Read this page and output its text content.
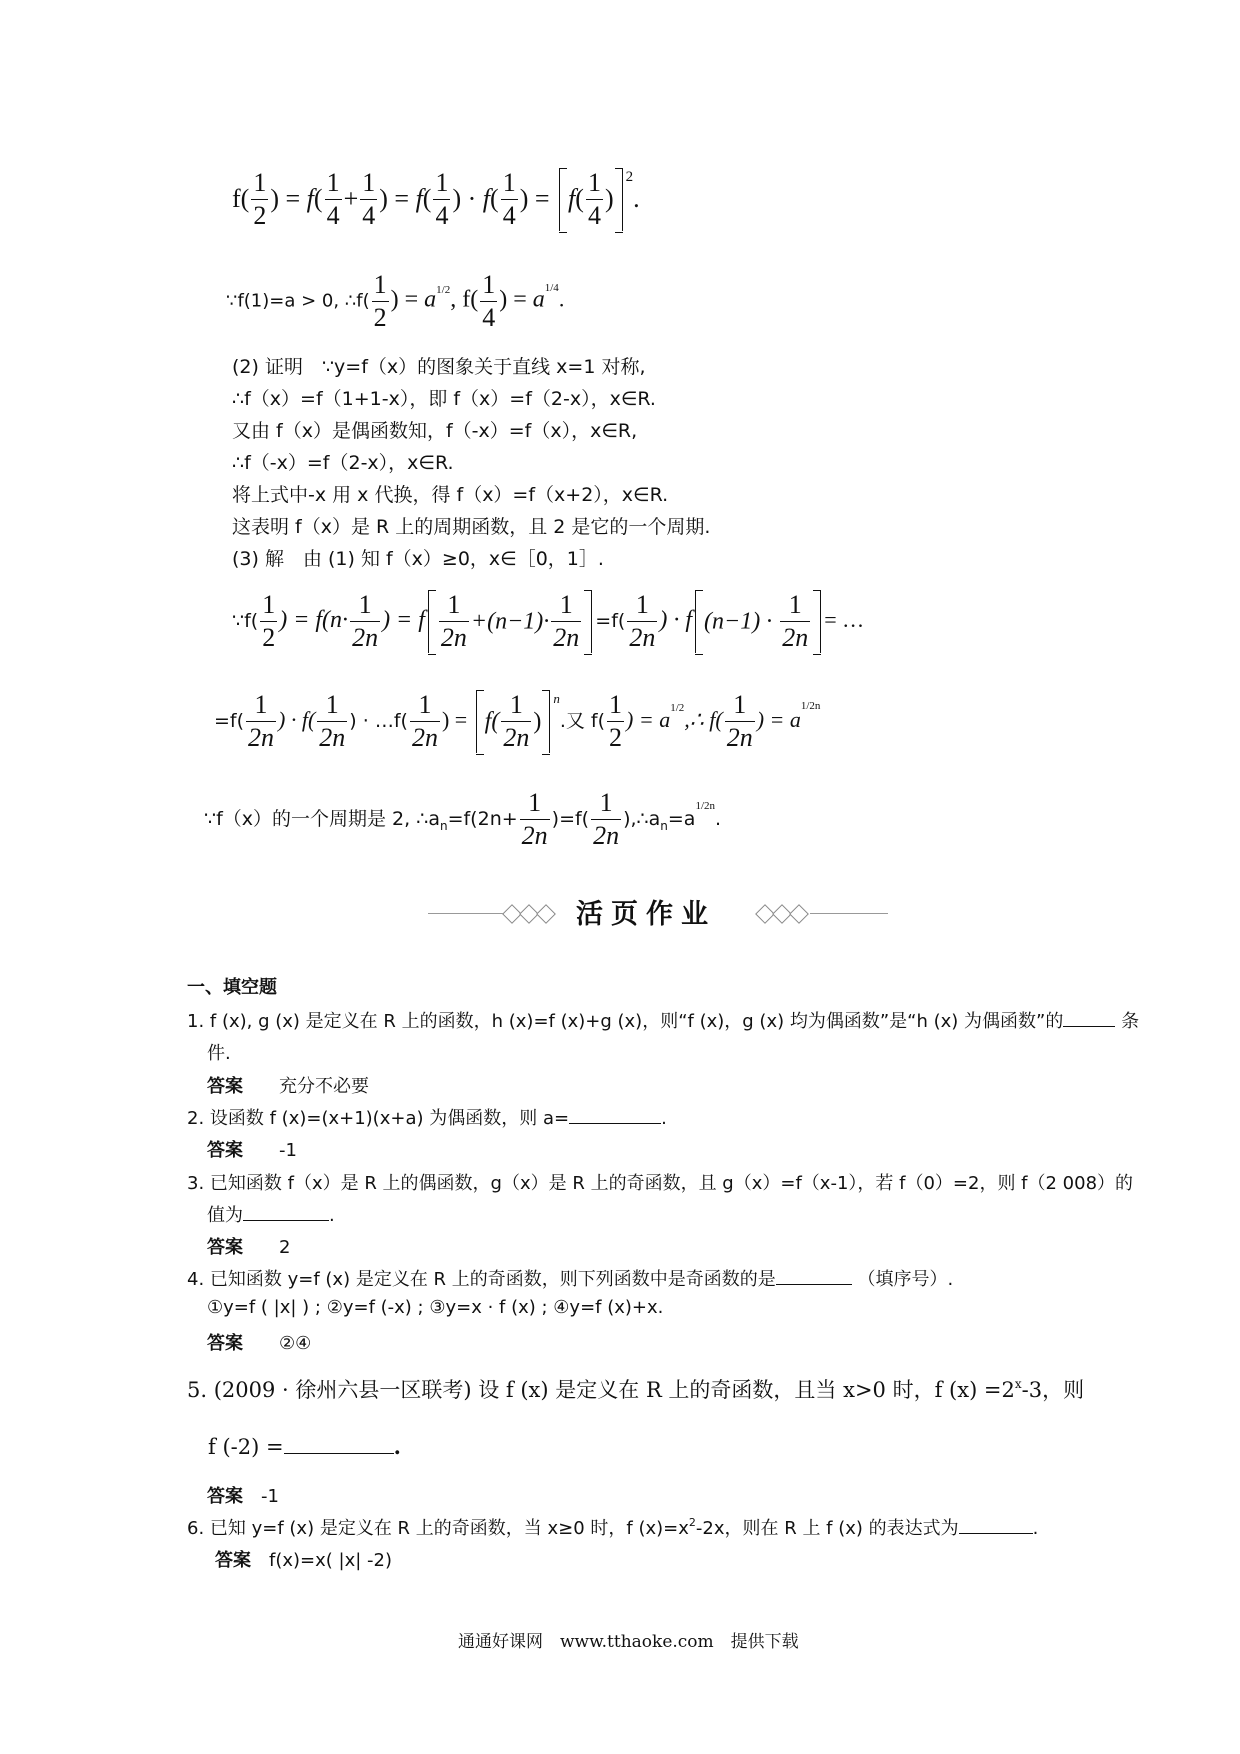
$f( \frac{1}{2}$ ) = $f( \frac{1}{4} + \frac{1}{4}$ ) = $f( \frac{1}{4}$ ) · $f( \frac{1}{4}$ ) = $f( \frac{1}{4} )^2$.
∵f(1)=a > 0, ∴f( $\frac{1}{2}$ ) = $a^{1/2}$, $f( \frac{1}{4}$ ) = $a^{1/4}$.
(2) 证明　∵y=f（x）的图象关于直线 x=1 对称,
∴f（x）=f（1+1-x），即 f（x）=f（2-x），x∈R.
又由 f（x）是偶函数知，f（-x）=f（x），x∈R,
∴f（-x）=f（2-x），x∈R.
将上式中-x 用 x 代换，得 f（x）=f（x+2），x∈R.
这表明 f（x）是 R 上的周期函数，且 2 是它的一个周期.
(3) 解　由 (1) 知 f（x）≥0，x∈［0，1］.
∵f( $\frac{1}{2}$ ) = $f(n\cdot \frac{1}{2n}$ ) = f $\frac{1}{2n} +(n-1)\cdot \frac{1}{2n} =f( \frac{1}{2n}$ ) · f $(n-1) \cdot \frac{1}{2n}$ = …
$=f( \frac{1}{2n}$ ) · $f( \frac{1}{2n}$ ) · …f( $\frac{1}{2n}$ ) = $f( \frac{1}{2n} )^n$.又 $f( \frac{1}{2}$ ) = $a^{1/2},\therefore$ $f( \frac{1}{2n}$ ) = $a^{1/2n}$
∵f（x）的一个周期是 2, $\therefore a_n=f(2n+ \frac{1}{2n} )=f( \frac{1}{2n}$ )$,\therefore a_n=a^{1/2n}$.
活页作业
一、填空题
1. f (x), g (x) 是定义在 R 上的函数，h (x)=f (x)+g (x)，则“f (x)，g (x) 均为偶函数”是“h (x) 为偶函数”的	条
件.
答案　　 充分不必要
2. 设函数 f (x)=(x+1)(x+a) 为偶函数，则 a=	.
答案　　 -1
3. 已知函数 f（x）是 R 上的偶函数，g（x）是 R 上的奇函数，且 g（x）=f（x-1），若 f（0）=2，则 f（2 008）的
值为	.
答案　　 2
4. 已知函数 y=f (x) 是定义在 R 上的奇函数，则下列函数中是奇函数的是	（填序号）.
①y=f ( |x| ) ; ②y=f (-x) ; ③y=x · f (x) ; ④y=f (x)+x.
答案　　 ②④
5. (2009 · 徐州六县一区联考) 设 f (x) 是定义在 R 上的奇函数，且当 x>0 时，f $(x) =2^x-3$，则
f (-2) =	.
答案　 -1
6. 已知 y=f (x) 是定义在 R 上的奇函数，当 x≥0 时，f $(x)=x^2-2x$，则在 R 上 f (x) 的表达式为	.
答案　 f(x)=x( |x| -2)
通通好课网　www.tthaoke.com　提供下载
